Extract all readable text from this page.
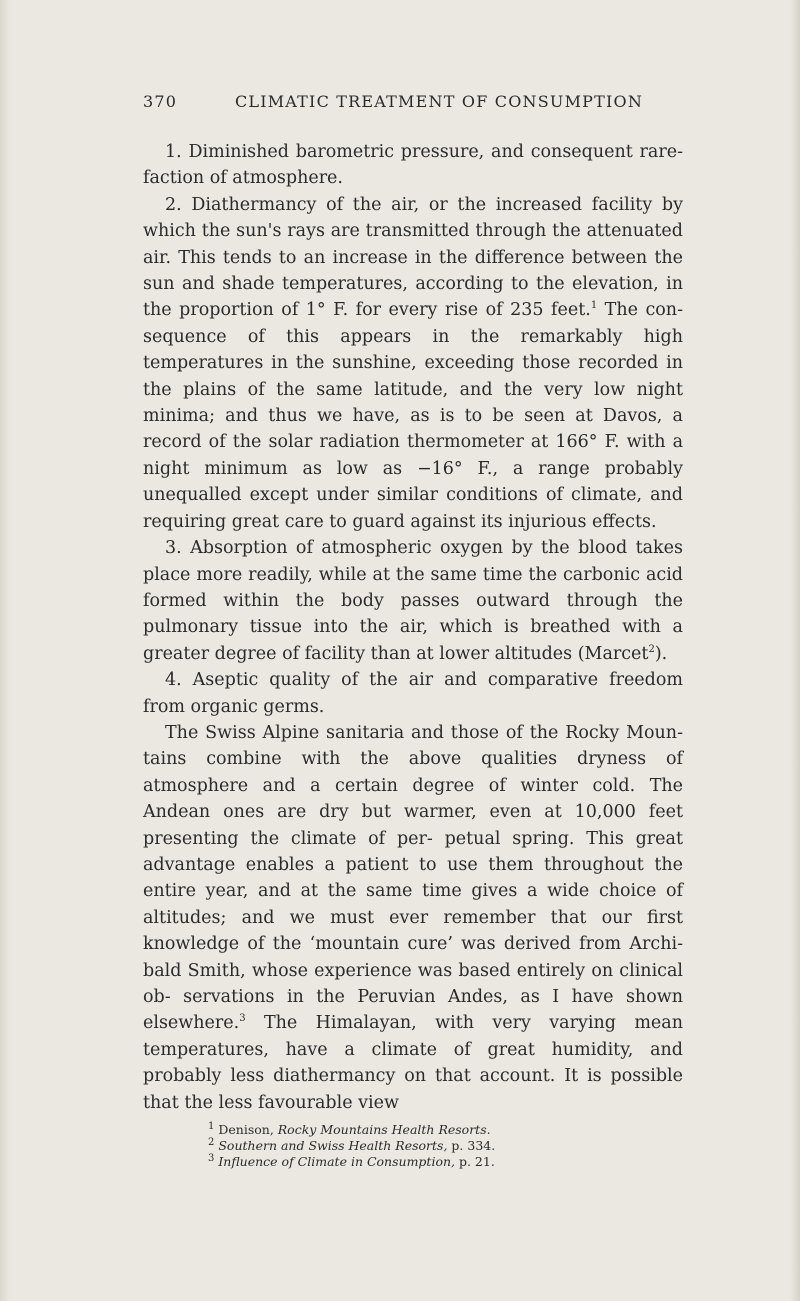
370	CLIMATIC TREATMENT OF CONSUMPTION

1. Diminished barometric pressure, and consequent rare- faction of atmosphere.

2. Diathermancy of the air, or the increased facility by which the sun's rays are transmitted through the attenuated air. This tends to an increase in the difference between the sun and shade temperatures, according to the elevation, in the proportion of 1° F. for every rise of 235 feet.$^1$ The con- sequence of this appears in the remarkably high temperatures in the sunshine, exceeding those recorded in the plains of the same latitude, and the very low night minima; and thus we have, as is to be seen at Davos, a record of the solar radiation thermometer at 166° F. with a night minimum as low as −16° F., a range probably unequalled except under similar conditions of climate, and requiring great care to guard against its injurious effects.

3. Absorption of atmospheric oxygen by the blood takes place more readily, while at the same time the carbonic acid formed within the body passes outward through the pulmonary tissue into the air, which is breathed with a greater degree of facility than at lower altitudes (Marcet$^2$).

4. Aseptic quality of the air and comparative freedom from organic germs.

The Swiss Alpine sanitaria and those of the Rocky Moun- tains combine with the above qualities dryness of atmosphere and a certain degree of winter cold. The Andean ones are dry but warmer, even at 10,000 feet presenting the climate of per- petual spring. This great advantage enables a patient to use them throughout the entire year, and at the same time gives a wide choice of altitudes; and we must ever remember that our first knowledge of the ‘mountain cure’ was derived from Archi- bald Smith, whose experience was based entirely on clinical ob- servations in the Peruvian Andes, as I have shown elsewhere.$^3$ The Himalayan, with very varying mean temperatures, have a climate of great humidity, and probably less diathermancy on that account. It is possible that the less favourable view

$^1$ Denison, Rocky Mountains Health Resorts.

$^2$ Southern and Swiss Health Resorts, p. 334.

$^3$ Influence of Climate in Consumption, p. 21.
